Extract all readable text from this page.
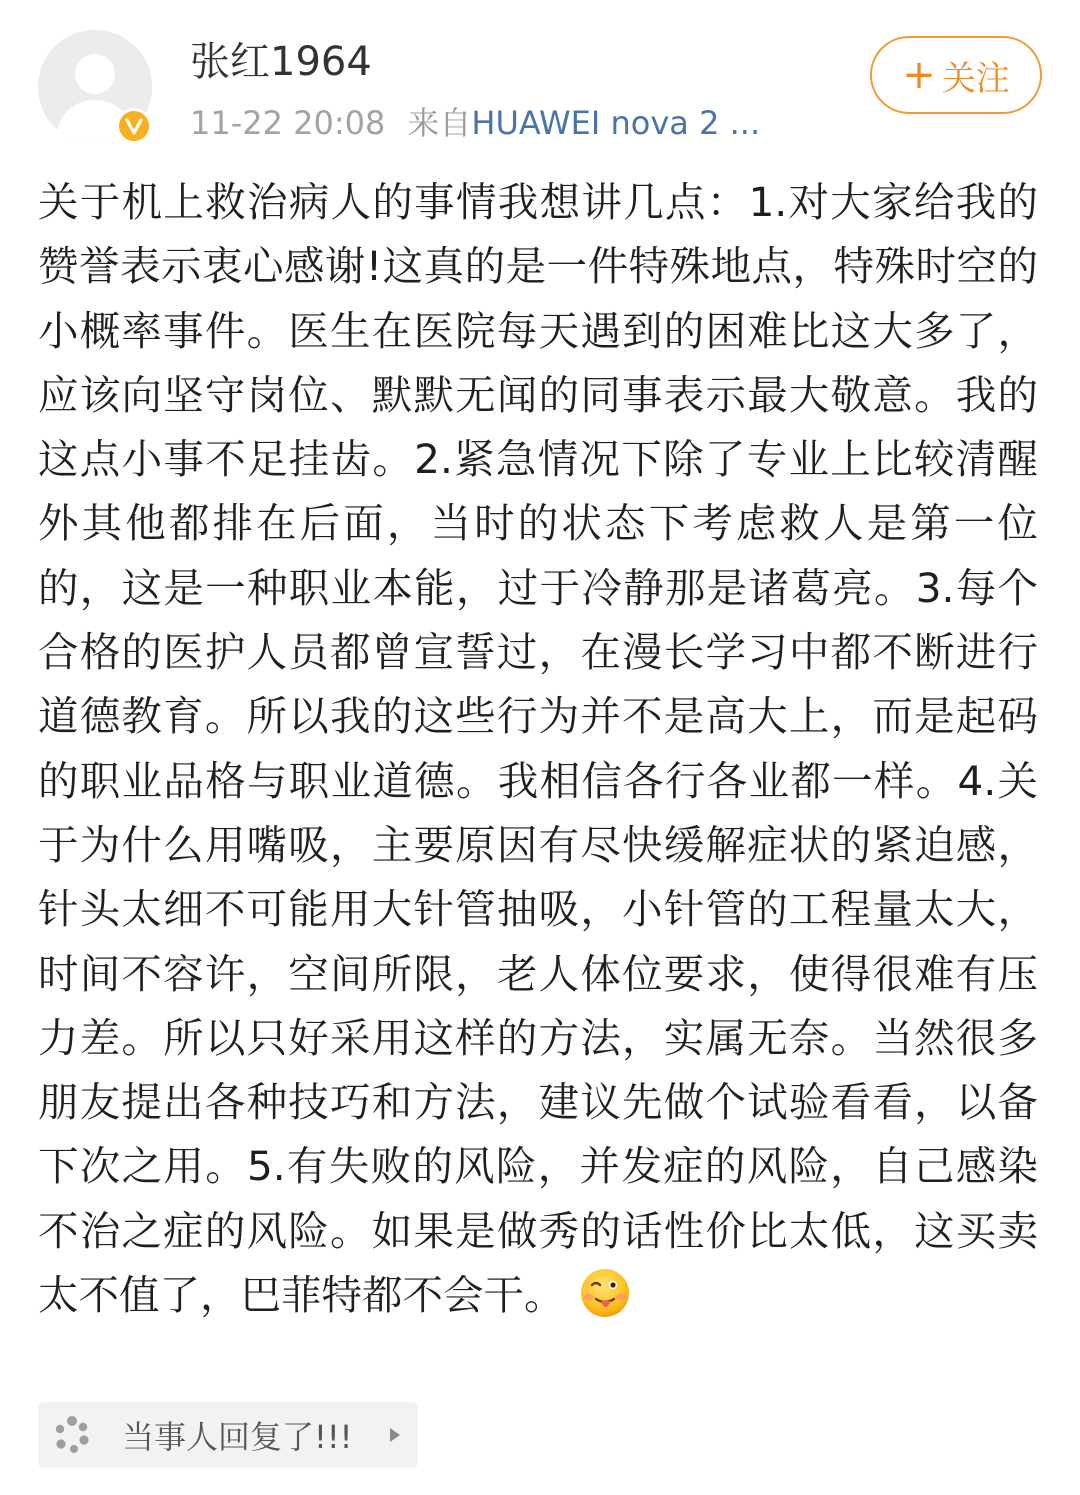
张红1964
11-22 20:08 来自HUAWEI nova 2 ...
+ 关注
关于机上救治病人的事情我想讲几点：1.对大家给我的赞誉表示衷心感谢!这真的是一件特殊地点，特殊时空的小概率事件。医生在医院每天遇到的困难比这大多了，应该向坚守岗位、默默无闻的同事表示最大敬意。我的这点小事不足挂齿。2.紧急情况下除了专业上比较清醒外其他都排在后面，当时的状态下考虑救人是第一位的，这是一种职业本能，过于冷静那是诸葛亮。3.每个合格的医护人员都曾宣誓过，在漫长学习中都不断进行道德教育。所以我的这些行为并不是高大上，而是起码的职业品格与职业道德。我相信各行各业都一样。4.关于为什么用嘴吸，主要原因有尽快缓解症状的紧迫感，针头太细不可能用大针管抽吸，小针管的工程量太大，时间不容许，空间所限，老人体位要求，使得很难有压力差。所以只好采用这样的方法，实属无奈。当然很多朋友提出各种技巧和方法，建议先做个试验看看，以备下次之用。5.有失败的风险，并发症的风险，自己感染不治之症的风险。如果是做秀的话性价比太低，这买卖太不值了，巴菲特都不会干。
当事人回复了!!!
